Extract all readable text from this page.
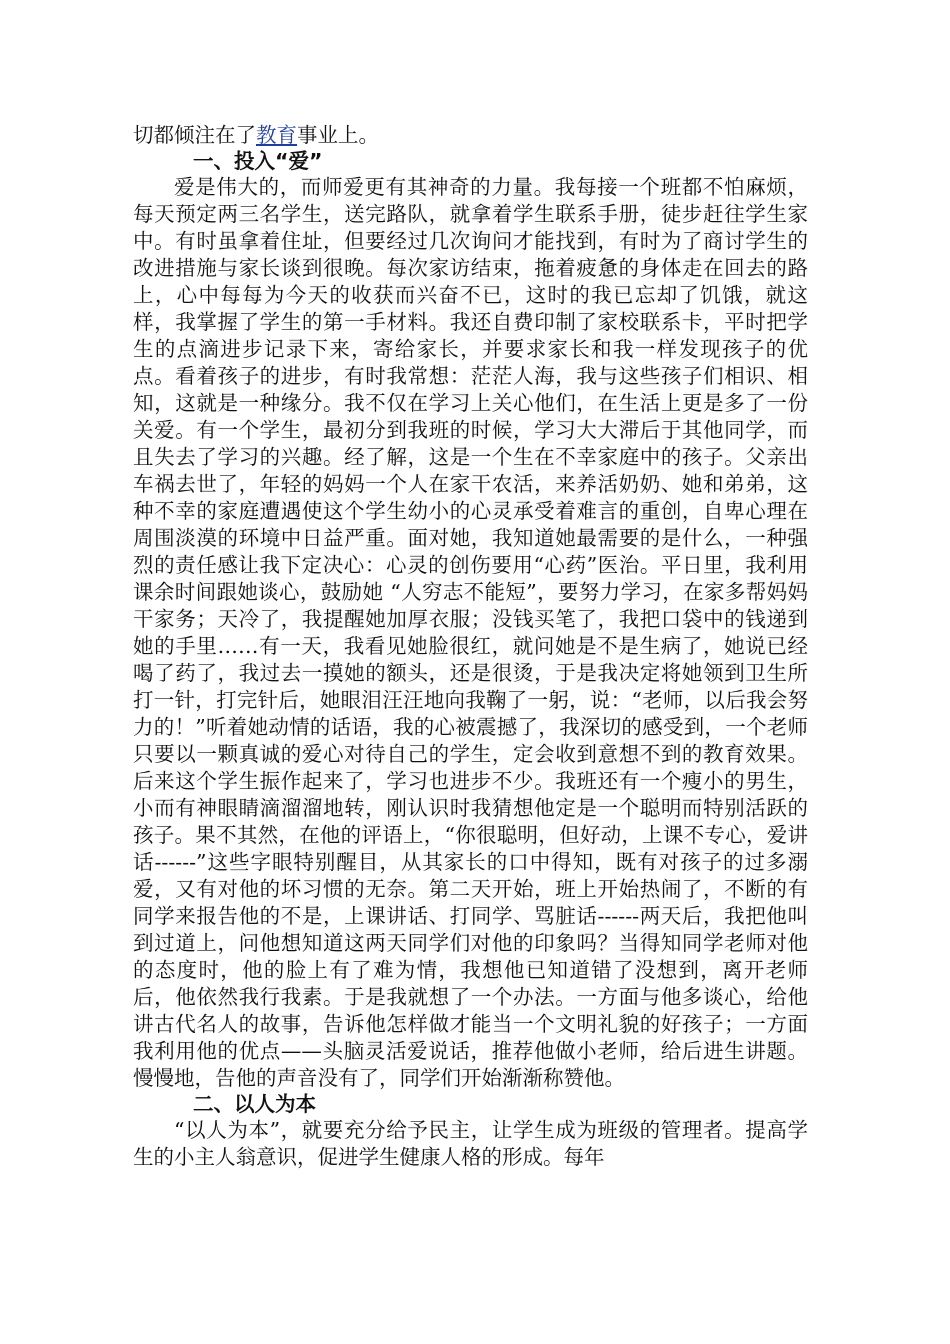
切都倾注在了教育事业上。
一、投入“爱”

爱是伟大的，而师爱更有其神奇的力量。我每接一个班都不怕麻烦，每天预定两三名学生，送完路队，就拿着学生联系手册，徒步赶往学生家中。有时虽拿着住址，但要经过几次询问才能找到，有时为了商讨学生的改进措施与家长谈到很晚。每次家访结束，拖着疲惫的身体走在回去的路上，心中每每为今天的收获而兴奋不已，这时的我已忘却了饥饿，就这样，我掌握了学生的第一手材料。我还自费印制了家校联系卡，平时把学生的点滴进步记录下来，寄给家长，并要求家长和我一样发现孩子的优点。看着孩子的进步，有时我常想：茫茫人海，我与这些孩子们相识、相知，这就是一种缘分。我不仅在学习上关心他们，在生活上更是多了一份关爱。有一个学生，最初分到我班的时候，学习大大滞后于其他同学，而且失去了学习的兴趣。经了解，这是一个生在不幸家庭中的孩子。父亲出车祸去世了，年轻的妈妈一个人在家干农活，来养活奶奶、她和弟弟，这种不幸的家庭遭遇使这个学生幼小的心灵承受着难言的重创，自卑心理在周围淡漠的环境中日益严重。面对她，我知道她最需要的是什么，一种强烈的责任感让我下定决心：心灵的创伤要用“心药”医治。平日里，我利用课余时间跟她谈心，鼓励她 “人穷志不能短”，要努力学习，在家多帮妈妈干家务；天冷了，我提醒她加厚衣服；没钱买笔了，我把口袋中的钱递到她的手里……有一天，我看见她脸很红，就问她是不是生病了，她说已经喝了药了，我过去一摸她的额头，还是很烫，于是我决定将她领到卫生所打一针，打完针后，她眼泪汪汪地向我鞠了一躬，说：“老师，以后我会努力的！”听着她动情的话语，我的心被震撼了，我深切的感受到，一个老师只要以一颗真诚的爱心对待自己的学生，定会收到意想不到的教育效果。后来这个学生振作起来了，学习也进步不少。我班还有一个瘦小的男生，小而有神眼睛滴溜溜地转，刚认识时我猜想他定是一个聪明而特别活跃的孩子。果不其然，在他的评语上，“你很聪明，但好动，上课不专心，爱讲话------”这些字眼特别醒目，从其家长的口中得知，既有对孩子的过多溺爱，又有对他的坏习惯的无奈。第二天开始，班上开始热闹了，不断的有同学来报告他的不是，上课讲话、打同学、骂脏话------两天后，我把他叫到过道上，问他想知道这两天同学们对他的印象吗？当得知同学老师对他的态度时，他的脸上有了难为情，我想他已知道错了没想到，离开老师后，他依然我行我素。于是我就想了一个办法。一方面与他多谈心，给他讲古代名人的故事，告诉他怎样做才能当一个文明礼貌的好孩子；一方面我利用他的优点——头脑灵活爱说话，推荐他做小老师，给后进生讲题。慢慢地，告他的声音没有了，同学们开始渐渐称赞他。

二、以人为本

“以人为本”，就要充分给予民主，让学生成为班级的管理者。提高学生的小主人翁意识，促进学生健康人格的形成。每年
